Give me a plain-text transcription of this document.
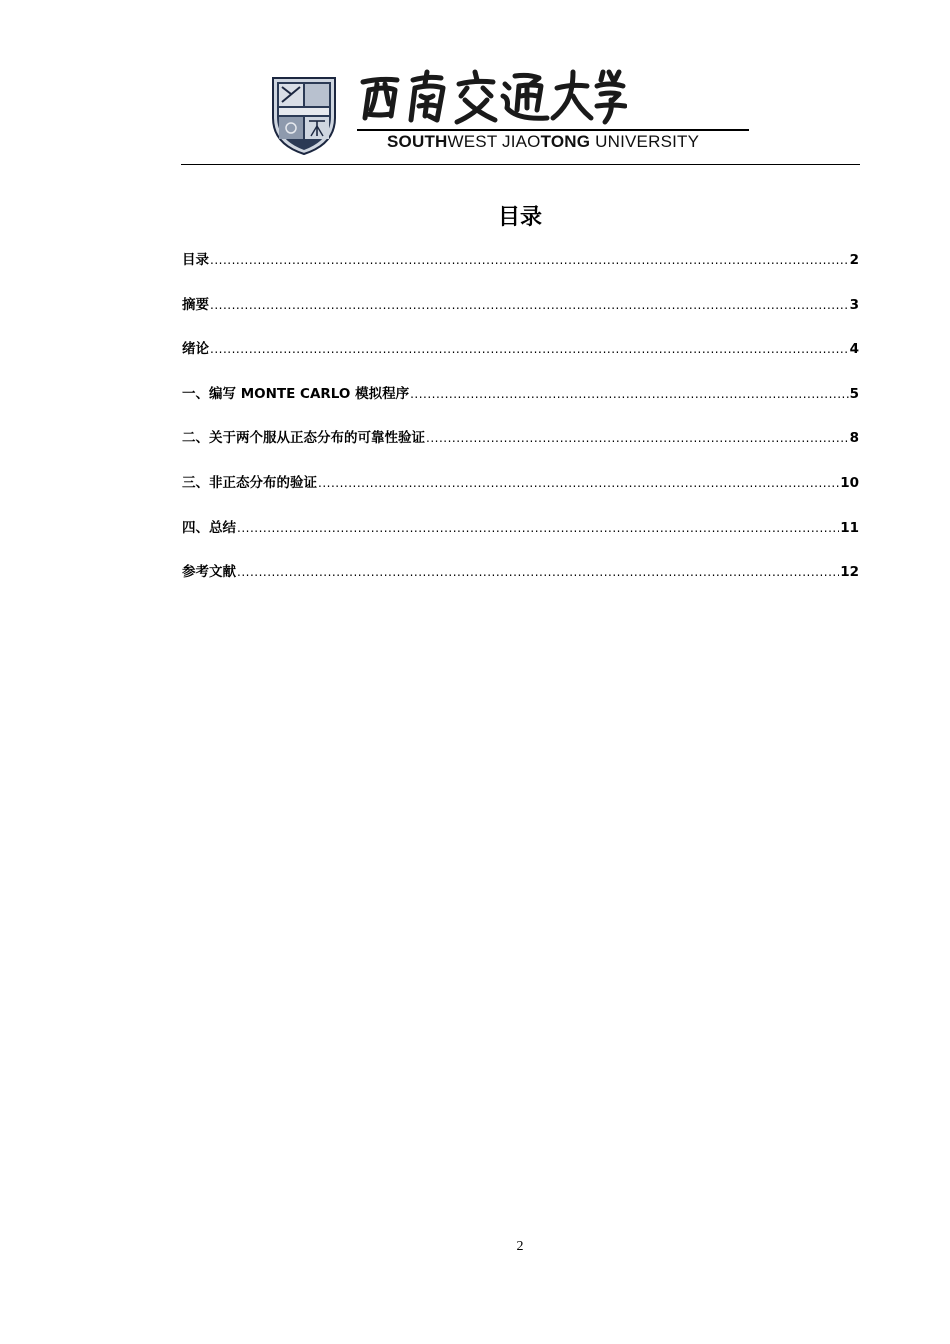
SOUTHWEST JIAOTONG UNIVERSITY
目录
目录 .....	2
摘要 .....	3
绪论 .....	4
一、编写 MONTE CARLO 模拟程序 .....	5
二、关于两个服从正态分布的可靠性验证 .....	8
三、非正态分布的验证 .....	10
四、总结 .....	11
参考文献 .....	12
2
